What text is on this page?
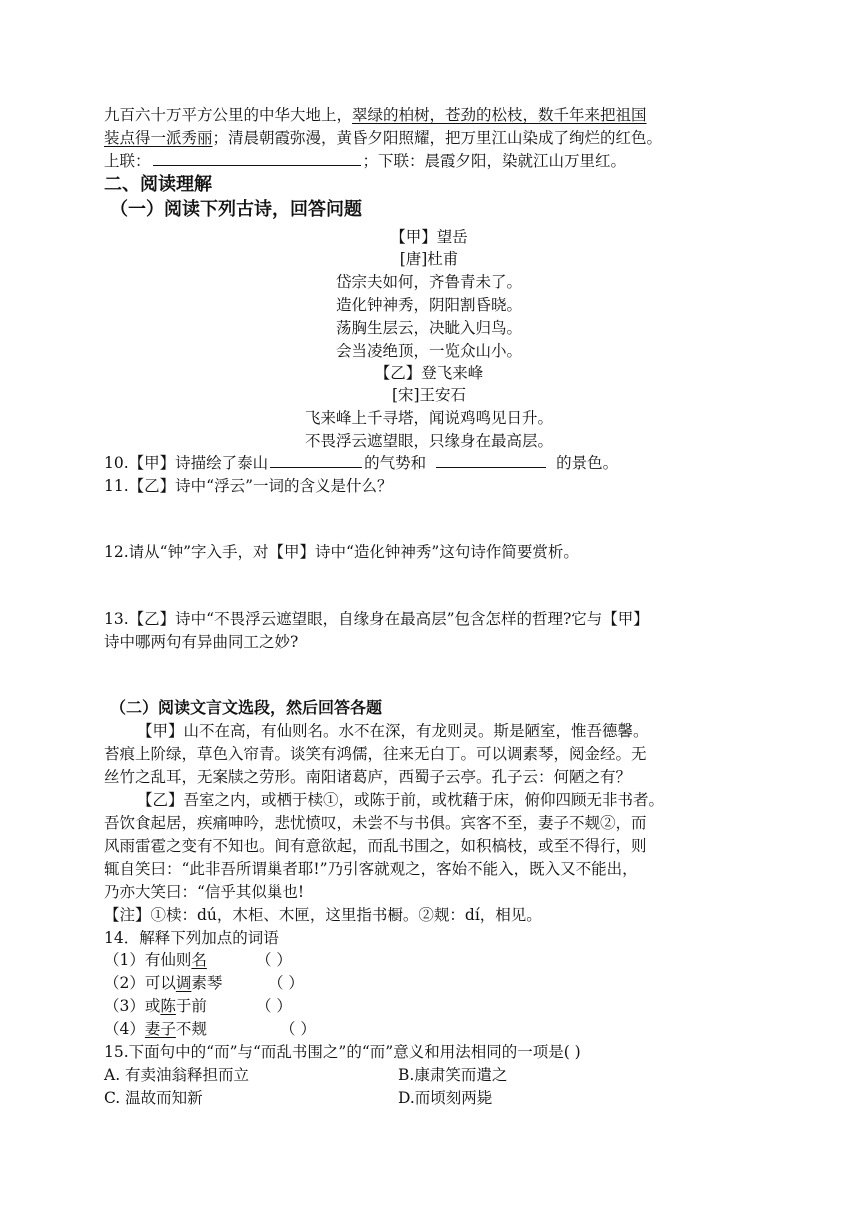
九百六十万平方公里的中华大地上，翠绿的柏树，苍劲的松枝，数千年来把祖国
装点得一派秀丽；清晨朝霞弥漫，黄昏夕阳照耀，把万里江山染成了绚烂的红色。
上联：	；下联：晨霞夕阳，染就江山万里红。
二、阅读理解
（一）阅读下列古诗，回答问题
【甲】望岳
[唐]杜甫
岱宗夫如何，齐鲁青未了。
造化钟神秀，阴阳割昏晓。
荡胸生层云，决眦入归鸟。
会当凌绝顶，一览众山小。
【乙】登飞来峰
[宋]王安石
飞来峰上千寻塔，闻说鸡鸣见日升。
不畏浮云遮望眼，只缘身在最高层。
10.【甲】诗描绘了泰山	的气势和	的景色。
11.【乙】诗中“浮云”一词的含义是什么？
12.请从“钟”字入手，对【甲】诗中“造化钟神秀”这句诗作简要赏析。
13.【乙】诗中“不畏浮云遮望眼，自缘身在最高层”包含怎样的哲理?它与【甲】
诗中哪两句有异曲同工之妙?
（二）阅读文言文选段，然后回答各题
【甲】山不在高，有仙则名。水不在深，有龙则灵。斯是陋室，惟吾德馨。
苔痕上阶绿，草色入帘青。谈笑有鸿儒，往来无白丁。可以调素琴，阅金经。无
丝竹之乱耳，无案牍之劳形。南阳诸葛庐，西蜀子云亭。孔子云：何陋之有？
【乙】吾室之内，或栖于椟①，或陈于前，或枕藉于床，俯仰四顾无非书者。
吾饮食起居，疾痛呻吟，悲忧愤叹，未尝不与书俱。宾客不至，妻子不觌②，而
风雨雷雹之变有不知也。间有意欲起，而乱书围之，如积槁枝，或至不得行，则
辄自笑曰：“此非吾所谓巢者耶!”乃引客就观之，客始不能入，既入又不能出，
乃亦大笑曰：“信乎其似巢也!
【注】①椟：dú，木柜、木匣，这里指书橱。②觌：dí，相见。
14．解释下列加点的词语
（1）有仙则名	（ ）
（2）可以调素琴	（ ）
（3）或陈于前	（ ）
（4）妻子不觌	（ ）
15.下面句中的“而”与“而乱书围之”的“而”意义和用法相同的一项是( )
A. 有卖油翁释担而立	B.康肃笑而遣之
C. 温故而知新	D.而顷刻两毙
